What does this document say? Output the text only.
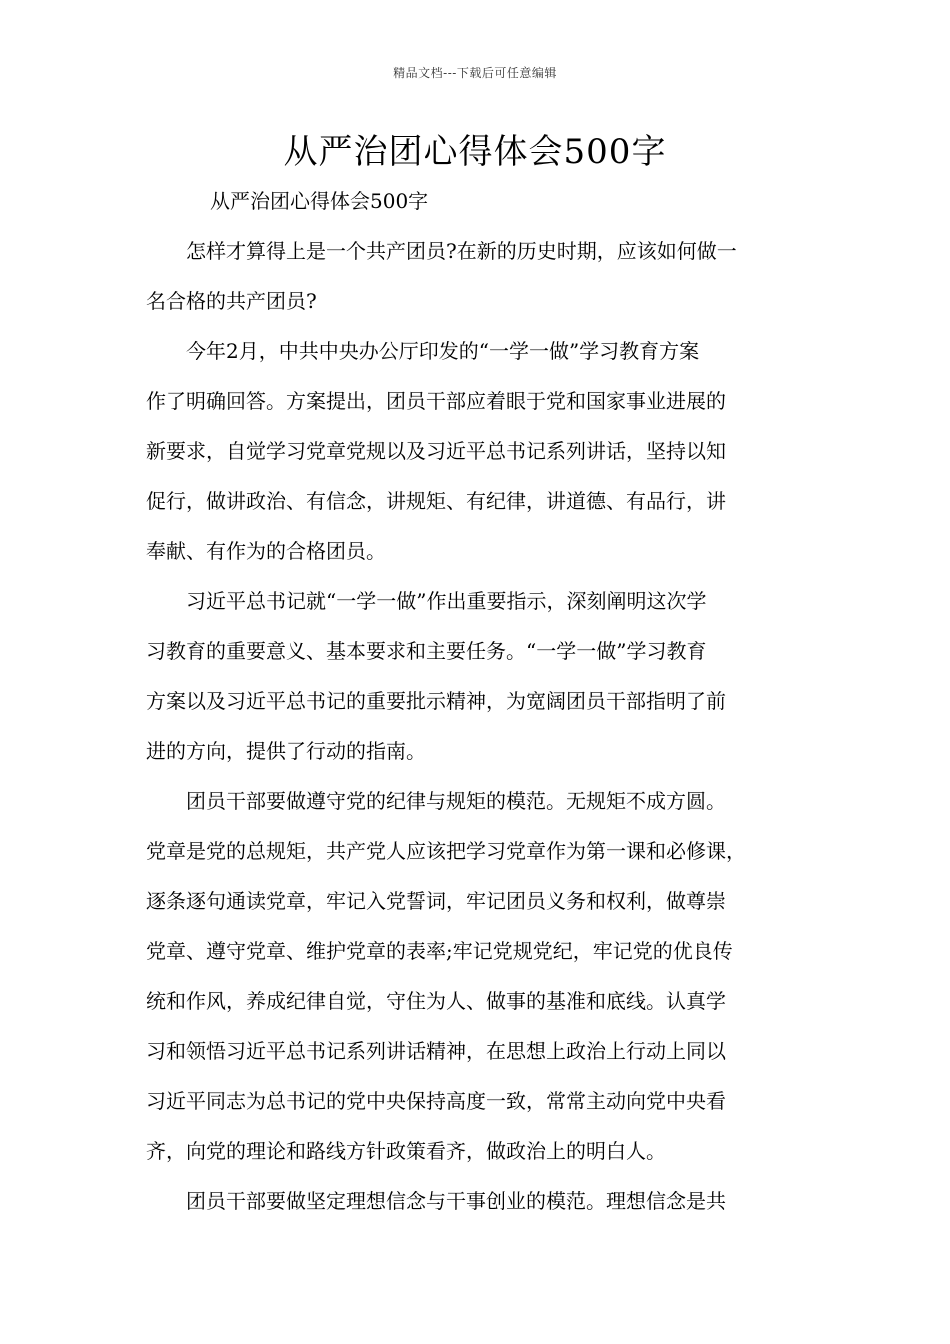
精品文档---下载后可任意编辑
从严治团心得体会500字

从严治团心得体会500字

怎样才算得上是一个共产团员?在新的历史时期，应该如何做一
名合格的共产团员?
今年2月，中共中央办公厅印发的“一学一做”学习教育方案
作了明确回答。方案提出，团员干部应着眼于党和国家事业进展的
新要求，自觉学习党章党规以及习近平总书记系列讲话，坚持以知
促行，做讲政治、有信念，讲规矩、有纪律，讲道德、有品行，讲
奉献、有作为的合格团员。
习近平总书记就“一学一做”作出重要指示，深刻阐明这次学
习教育的重要意义、基本要求和主要任务。“一学一做”学习教育
方案以及习近平总书记的重要批示精神，为宽阔团员干部指明了前
进的方向，提供了行动的指南。
团员干部要做遵守党的纪律与规矩的模范。无规矩不成方圆。
党章是党的总规矩，共产党人应该把学习党章作为第一课和必修课，
逐条逐句通读党章，牢记入党誓词，牢记团员义务和权利，做尊崇
党章、遵守党章、维护党章的表率;牢记党规党纪，牢记党的优良传
统和作风，养成纪律自觉，守住为人、做事的基准和底线。认真学
习和领悟习近平总书记系列讲话精神，在思想上政治上行动上同以
习近平同志为总书记的党中央保持高度一致，常常主动向党中央看
齐，向党的理论和路线方针政策看齐，做政治上的明白人。
团员干部要做坚定理想信念与干事创业的模范。理想信念是共
